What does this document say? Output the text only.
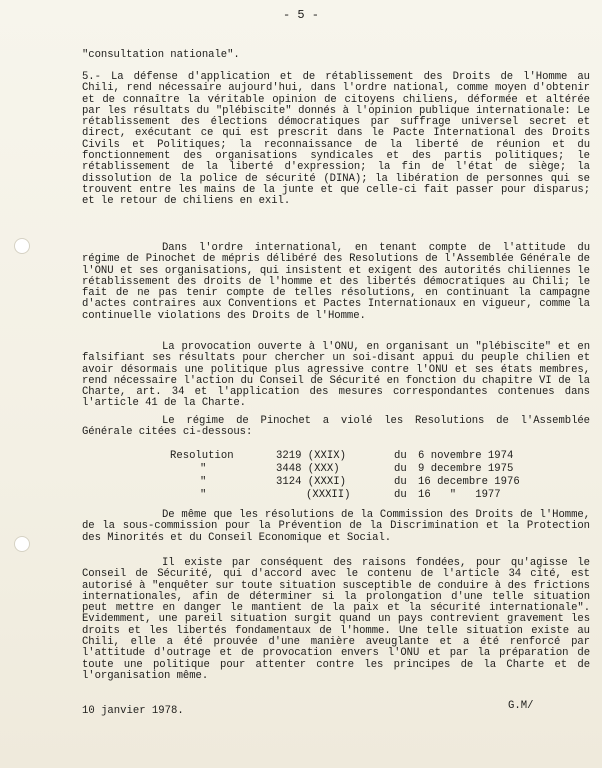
- 5 -

"consultation nationale".

5.- La défense d'application et de rétablissement des Droits de l'Homme au Chili, rend nécessaire aujourd'hui, dans l'ordre national, comme moyen d'obtenir et de connaître la véritable opinion de citoyens chiliens, déformée et altérée par les résultats du "plébiscite" donnés à l'opinion publique internationale: Le rétablissement des élections démocratiques par suffrage universel secret et direct, exécutant ce qui est prescrit dans le Pacte International des Droits Civils et Politiques; la reconnaissance de la liberté de réunion et du fonctionnement des organisations syndicales et des partis politiques; le rétablissement de la liberté d'expression; la fin de l'état de siège; la dissolution de la police de sécurité (DINA); la libération de personnes qui se trouvent entre les mains de la junte et que celle-ci fait passer pour disparus; et le retour de chiliens en exil.

Dans l'ordre international, en tenant compte de l'attitude du régime de Pinochet de mépris délibéré des Resolutions de l'Assemblée Générale de l'ONU et ses organisations, qui insistent et exigent des autorités chiliennes le rétablissement des droits de l'homme et des libertés démocratiques au Chili; le fait de ne pas tenir compte de telles résolutions, en continuant la campagne d'actes contraires aux Conventions et Pactes Internationaux en vigueur, comme la continuelle violations des Droits de l'Homme.

La provocation ouverte à l'ONU, en organisant un "plébiscite" et en falsifiant ses résultats pour chercher un soi-disant appui du peuple chilien et avoir désormais une politique plus agressive contre l'ONU et ses états membres, rend nécessaire l'action du Conseil de Sécurité en fonction du chapitre VI de la Charte, art. 34 et l'application des mesures correspondantes contenues dans l'article 41 de la Charte.

Le régime de Pinochet a violé les Resolutions de l'Assemblée Générale citées ci-dessous:

Resolution	3219 (XXIX)	du	6 novembre 1974
"	3448 (XXX)	du	9 decembre 1975
"	3124 (XXXI)	du	16 decembre 1976
"	(XXXII)	du	16   "   1977

De même que les résolutions de la Commission des Droits de l'Homme, de la sous-commission pour la Prévention de la Discrimination et la Protection des Minorités et du Conseil Economique et Social.

Il existe par conséquent des raisons fondées, pour qu'agisse le Conseil de Sécurité, qui d'accord avec le contenu de l'article 34 cité, est autorisé à "enquêter sur toute situation susceptible de conduire à des frictions internationales, afin de déterminer si la prolongation d'une telle situation peut mettre en danger le mantient de la paix et la sécurité internationale". Evidemment, une pareil situation surgit quand un pays contrevient gravement les droits et les libertés fondamentaux de l'homme. Une telle situation existe au Chili, elle a été prouvée d'une manière aveuglante et a été renforcé par l'attitude d'outrage et de provocation envers l'ONU et par la préparation de toute une politique pour attenter contre les principes de la Charte et de l'organisation même.

10 janvier 1978.	G.M/
